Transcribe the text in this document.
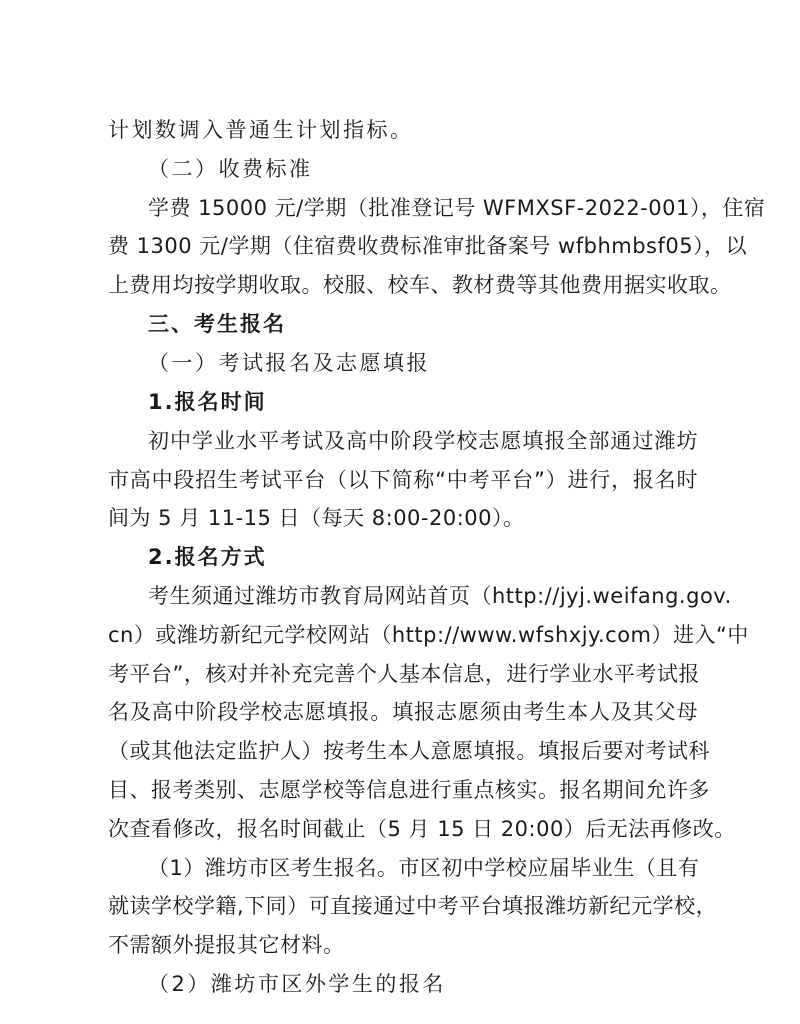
计划数调入普通生计划指标。
（二）收费标准
学费 15000 元/学期（批准登记号 WFMXSF-2022-001），住宿
费 1300 元/学期（住宿费收费标准审批备案号 wfbhmbsf05），以
上费用均按学期收取。校服、校车、教材费等其他费用据实收取。
三、考生报名
（一）考试报名及志愿填报
1.报名时间
初中学业水平考试及高中阶段学校志愿填报全部通过潍坊
市高中段招生考试平台（以下简称“中考平台”）进行，报名时
间为 5 月 11-15 日（每天 8:00-20:00）。
2.报名方式
考生须通过潍坊市教育局网站首页（http://jyj.weifang.gov.
cn）或潍坊新纪元学校网站（http://www.wfshxjy.com）进入“中
考平台”，核对并补充完善个人基本信息，进行学业水平考试报
名及高中阶段学校志愿填报。填报志愿须由考生本人及其父母
（或其他法定监护人）按考生本人意愿填报。填报后要对考试科
目、报考类别、志愿学校等信息进行重点核实。报名期间允许多
次查看修改，报名时间截止（5 月 15 日 20:00）后无法再修改。
（1）潍坊市区考生报名。市区初中学校应届毕业生（且有
就读学校学籍,下同）可直接通过中考平台填报潍坊新纪元学校，
不需额外提报其它材料。
（2）潍坊市区外学生的报名
